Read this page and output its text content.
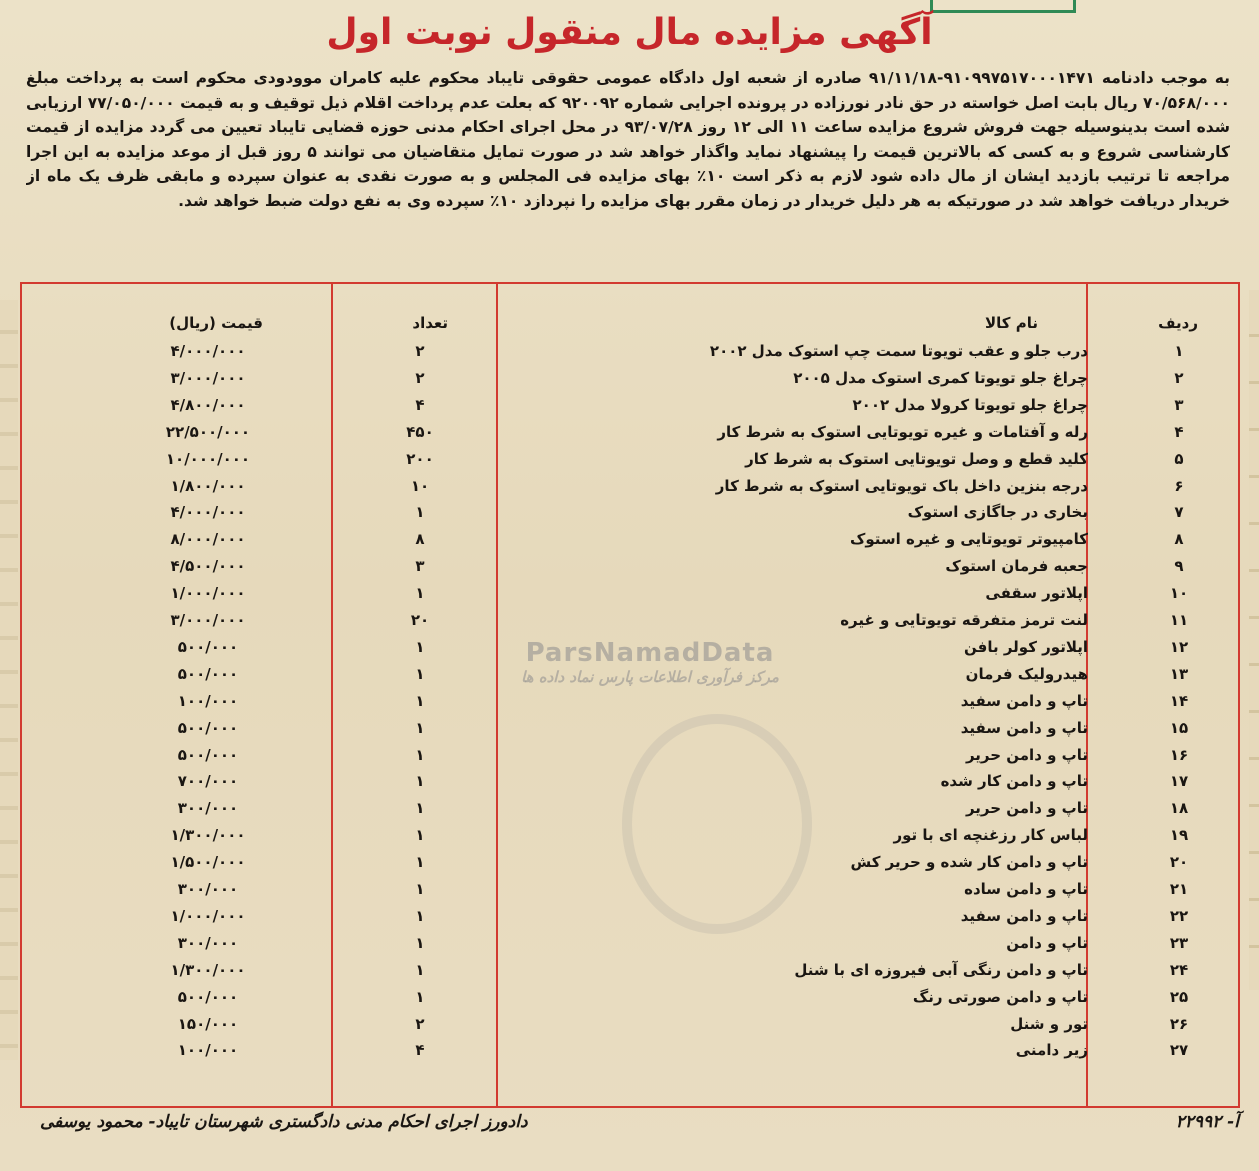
آگهی مزایده مال منقول نوبت اول
به موجب دادنامه ۹۱۰۹۹۷۵۱۷۰۰۰۱۴۷۱-۹۱/۱۱/۱۸ صادره از شعبه اول دادگاه عمومی حقوقی تایباد محکوم علیه کامران موودودی محکوم است به پرداخت مبلغ ۷۰/۵۶۸/۰۰۰ ریال بابت اصل خواسته در حق نادر نورزاده در پرونده اجرایی شماره ۹۲۰۰۹۲ که بعلت عدم پرداخت اقلام ذیل توقیف و به قیمت ۷۷/۰۵۰/۰۰۰ ارزیابی شده است بدینوسیله جهت فروش شروع مزایده ساعت ۱۱ الی ۱۲ روز ۹۳/۰۷/۲۸ در محل اجرای احکام مدنی حوزه قضایی تایباد تعیین می گردد مزایده از قیمت کارشناسی شروع و به کسی که بالاترین قیمت را پیشنهاد نماید واگذار خواهد شد در صورت تمایل متقاضیان می توانند ۵ روز قبل از موعد مزایده به این اجرا مراجعه تا ترتیب بازدید ایشان از مال داده شود لازم به ذکر است ۱۰٪ بهای مزایده فی المجلس و به صورت نقدی به عنوان سپرده و مابقی ظرف یک ماه از خریدار دریافت خواهد شد در صورتیکه به هر دلیل خریدار در زمان مقرر بهای مزایده را نپردازد ۱۰٪ سپرده وی به نفع دولت ضبط خواهد شد.
ردیف
نام کالا
تعداد
قیمت (ریال)
۱
درب جلو و عقب تویوتا سمت چپ استوک مدل ۲۰۰۲
۲
۴/۰۰۰/۰۰۰
۲
چراغ جلو تویوتا کمری استوک مدل ۲۰۰۵
۲
۳/۰۰۰/۰۰۰
۳
چراغ جلو تویوتا کرولا مدل ۲۰۰۲
۴
۴/۸۰۰/۰۰۰
۴
رله و آفتامات و غیره تویوتایی استوک به شرط کار
۴۵۰
۲۲/۵۰۰/۰۰۰
۵
کلید قطع و وصل تویوتایی استوک به شرط کار
۲۰۰
۱۰/۰۰۰/۰۰۰
۶
درجه بنزین داخل باک تویوتایی استوک به شرط کار
۱۰
۱/۸۰۰/۰۰۰
۷
بخاری در جاگازی استوک
۱
۴/۰۰۰/۰۰۰
۸
کامپیوتر تویوتایی و غیره استوک
۸
۸/۰۰۰/۰۰۰
۹
جعبه فرمان استوک
۳
۴/۵۰۰/۰۰۰
۱۰
اپلاتور سقفی
۱
۱/۰۰۰/۰۰۰
۱۱
لنت ترمز متفرقه تویوتایی و غیره
۲۰
۳/۰۰۰/۰۰۰
۱۲
اپلاتور کولر بافن
۱
۵۰۰/۰۰۰
۱۳
هیدرولیک فرمان
۱
۵۰۰/۰۰۰
۱۴
تاپ و دامن سفید
۱
۱۰۰/۰۰۰
۱۵
تاپ و دامن سفید
۱
۵۰۰/۰۰۰
۱۶
تاپ و دامن حریر
۱
۵۰۰/۰۰۰
۱۷
تاپ و دامن کار شده
۱
۷۰۰/۰۰۰
۱۸
تاپ و دامن حریر
۱
۳۰۰/۰۰۰
۱۹
لباس کار رزغنچه ای با تور
۱
۱/۳۰۰/۰۰۰
۲۰
تاپ و دامن کار شده و حریر کش
۱
۱/۵۰۰/۰۰۰
۲۱
تاپ و دامن ساده
۱
۳۰۰/۰۰۰
۲۲
تاپ و دامن سفید
۱
۱/۰۰۰/۰۰۰
۲۳
تاپ و دامن
۱
۳۰۰/۰۰۰
۲۴
تاپ و دامن رنگی آبی فیروزه ای با شنل
۱
۱/۳۰۰/۰۰۰
۲۵
تاپ و دامن صورتی رنگ
۱
۵۰۰/۰۰۰
۲۶
تور و شنل
۲
۱۵۰/۰۰۰
۲۷
زیر دامنی
۴
۱۰۰/۰۰۰
ParsNamadData
مرکز فرآوری اطلاعات پارس نماد داده ها
آ- ۲۲۹۹۲
دادورز اجرای احکام مدنی دادگستری شهرستان تایباد- محمود یوسفی
